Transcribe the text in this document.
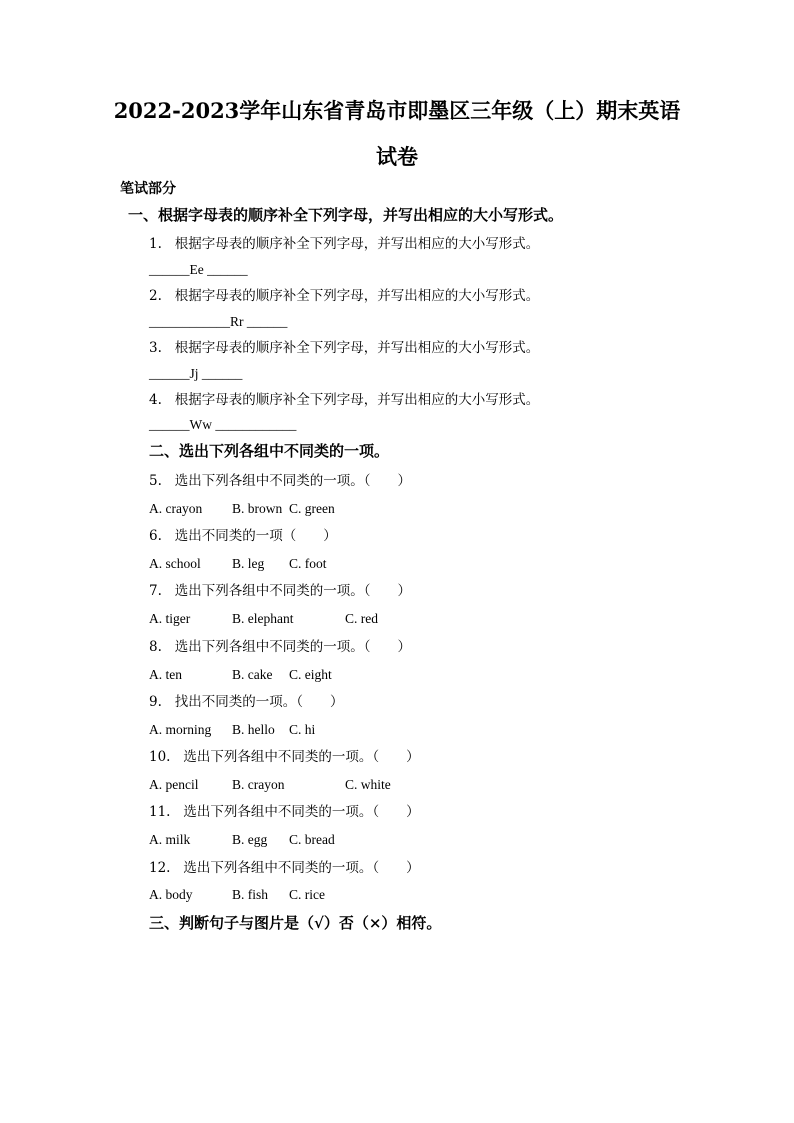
2022-2023学年山东省青岛市即墨区三年级（上）期末英语
试卷
笔试部分
一、根据字母表的顺序补全下列字母，并写出相应的大小写形式。
1. 根据字母表的顺序补全下列字母，并写出相应的大小写形式。
______Ee ______
2. 根据字母表的顺序补全下列字母，并写出相应的大小写形式。
____________Rr ______
3. 根据字母表的顺序补全下列字母，并写出相应的大小写形式。
______Jj ______
4. 根据字母表的顺序补全下列字母，并写出相应的大小写形式。
______Ww ____________
二、选出下列各组中不同类的一项。
5. 选出下列各组中不同类的一项。（　　）
A. crayon B. brown C. green
6. 选出不同类的一项（　　）
A. school B. leg C. foot
7. 选出下列各组中不同类的一项。（　　）
A. tiger	B. elephant	C. red
8. 选出下列各组中不同类的一项。（　　）
A. ten	B. cake C. eight
9. 找出不同类的一项。（　　）
A. morning B. hello C. hi
10. 选出下列各组中不同类的一项。（　　）
A. pencil B. crayon	C. white
11. 选出下列各组中不同类的一项。（　　）
A. milk	B. egg C. bread
12. 选出下列各组中不同类的一项。（　　）
A. body	B. fish C. rice
三、判断句子与图片是（√）否（×）相符。
